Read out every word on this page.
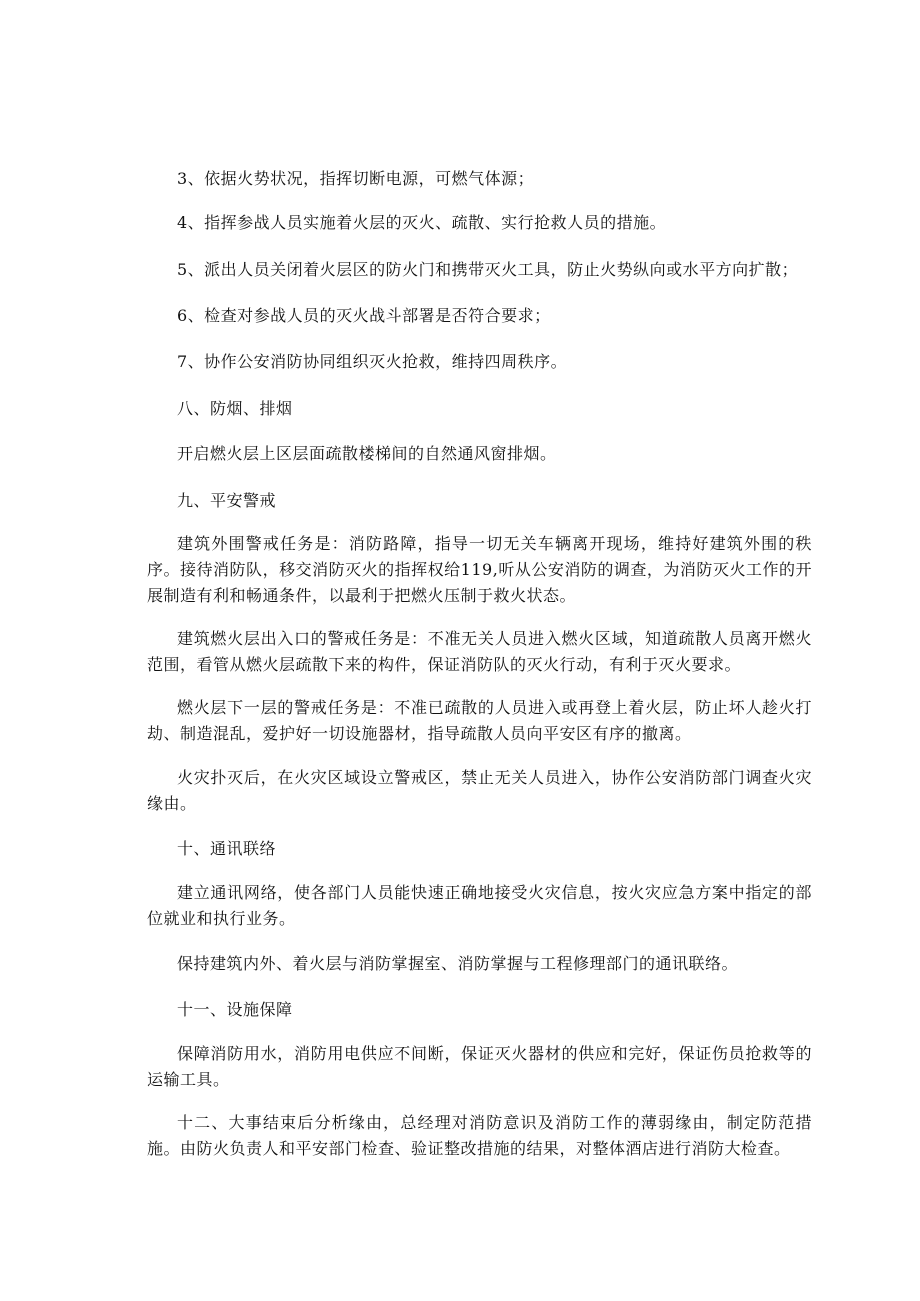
3、依据火势状况，指挥切断电源，可燃气体源；

4、指挥参战人员实施着火层的灭火、疏散、实行抢救人员的措施。

5、派出人员关闭着火层区的防火门和携带灭火工具，防止火势纵向或水平方向扩散；

6、检查对参战人员的灭火战斗部署是否符合要求；

7、协作公安消防协同组织灭火抢救，维持四周秩序。

八、防烟、排烟

开启燃火层上区层面疏散楼梯间的自然通风窗排烟。

九、平安警戒

建筑外围警戒任务是：消防路障，指导一切无关车辆离开现场，维持好建筑外围的秩序。接待消防队，移交消防灭火的指挥权给119,听从公安消防的调查，为消防灭火工作的开展制造有利和畅通条件，以最利于把燃火压制于救火状态。

建筑燃火层出入口的警戒任务是：不准无关人员进入燃火区域，知道疏散人员离开燃火范围，看管从燃火层疏散下来的构件，保证消防队的灭火行动，有利于灭火要求。

燃火层下一层的警戒任务是：不准已疏散的人员进入或再登上着火层，防止坏人趁火打劫、制造混乱，爱护好一切设施器材，指导疏散人员向平安区有序的撤离。

火灾扑灭后，在火灾区域设立警戒区，禁止无关人员进入，协作公安消防部门调查火灾缘由。

十、通讯联络

建立通讯网络，使各部门人员能快速正确地接受火灾信息，按火灾应急方案中指定的部位就业和执行业务。

保持建筑内外、着火层与消防掌握室、消防掌握与工程修理部门的通讯联络。

十一、设施保障

保障消防用水，消防用电供应不间断，保证灭火器材的供应和完好，保证伤员抢救等的运输工具。

十二、大事结束后分析缘由，总经理对消防意识及消防工作的薄弱缘由，制定防范措施。由防火负责人和平安部门检查、验证整改措施的结果，对整体酒店进行消防大检查。
